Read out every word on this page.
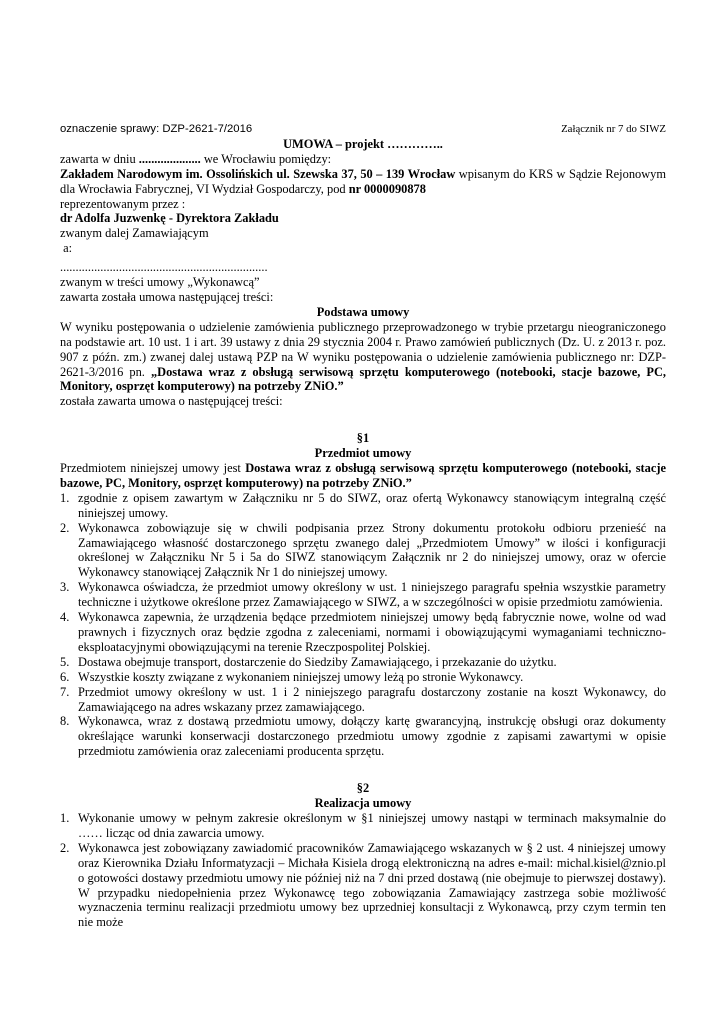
oznaczenie sprawy: DZP-2621-7/2016	Załącznik nr 7 do SIWZ
UMOWA – projekt …………..
zawarta w dniu .................... we Wrocławiu pomiędzy:
Zakładem Narodowym im. Ossolińskich ul. Szewska 37, 50 – 139 Wrocław wpisanym do KRS w Sądzie Rejonowym dla Wrocławia Fabrycznej, VI Wydział Gospodarczy, pod nr 0000090878
reprezentowanym przez :
dr Adolfa Juzwenkę - Dyrektora Zakładu
zwanym dalej Zamawiającym
a:
...................................................................
zwanym w treści umowy „Wykonawcą”
zawarta została umowa następującej treści:
Podstawa umowy
W wyniku postępowania o udzielenie zamówienia publicznego przeprowadzonego w trybie przetargu nieograniczonego na podstawie art. 10 ust. 1 i art. 39 ustawy z dnia 29 stycznia 2004 r. Prawo zamówień publicznych (Dz. U. z 2013 r. poz. 907 z późn. zm.) zwanej dalej ustawą PZP na W wyniku postępowania o udzielenie zamówienia publicznego nr: DZP-2621-3/2016 pn. „Dostawa wraz z obsługą serwisową sprzętu komputerowego (notebooki, stacje bazowe, PC, Monitory, osprzęt komputerowy) na potrzeby ZNiO.”
została zawarta umowa o następującej treści:
§1
Przedmiot umowy
Przedmiotem niniejszej umowy jest Dostawa wraz z obsługą serwisową sprzętu komputerowego (notebooki, stacje bazowe, PC, Monitory, osprzęt komputerowy) na potrzeby ZNiO.”
1. zgodnie z opisem zawartym w Załączniku nr 5 do SIWZ, oraz ofertą Wykonawcy stanowiącym integralną część niniejszej umowy.
2. Wykonawca zobowiązuje się w chwili podpisania przez Strony dokumentu protokołu odbioru przenieść na Zamawiającego własność dostarczonego sprzętu zwanego dalej „Przedmiotem Umowy” w ilości i konfiguracji określonej w Załączniku Nr 5 i 5a do SIWZ stanowiącym Załącznik nr 2 do niniejszej umowy, oraz w ofercie Wykonawcy stanowiącej Załącznik Nr 1 do niniejszej umowy.
3. Wykonawca oświadcza, że przedmiot umowy określony w ust. 1 niniejszego paragrafu spełnia wszystkie parametry techniczne i użytkowe określone przez Zamawiającego w SIWZ, a w szczególności w opisie przedmiotu zamówienia.
4. Wykonawca zapewnia, że urządzenia będące przedmiotem niniejszej umowy będą fabrycznie nowe, wolne od wad prawnych i fizycznych oraz będzie zgodna z zaleceniami, normami i obowiązującymi wymaganiami techniczno-eksploatacyjnymi obowiązującymi na terenie Rzeczpospolitej Polskiej.
5. Dostawa obejmuje transport, dostarczenie do Siedziby Zamawiającego, i przekazanie do użytku.
6. Wszystkie koszty związane z wykonaniem niniejszej umowy leżą po stronie Wykonawcy.
7. Przedmiot umowy określony w ust. 1 i 2 niniejszego paragrafu dostarczony zostanie na koszt Wykonawcy, do Zamawiającego na adres wskazany przez zamawiającego.
8. Wykonawca, wraz z dostawą przedmiotu umowy, dołączy kartę gwarancyjną, instrukcję obsługi oraz dokumenty określające warunki konserwacji dostarczonego przedmiotu umowy zgodnie z zapisami zawartymi w opisie przedmiotu zamówienia oraz zaleceniami producenta sprzętu.
§2
Realizacja umowy
1. Wykonanie umowy w pełnym zakresie określonym w §1 niniejszej umowy nastąpi w terminach maksymalnie do …… licząc od dnia zawarcia umowy.
2. Wykonawca jest zobowiązany zawiadomić pracowników Zamawiającego wskazanych w § 2 ust. 4 niniejszej umowy oraz Kierownika Działu Informatyzacji – Michała Kisiela drogą elektroniczną na adres e-mail: michal.kisiel@znio.pl o gotowości dostawy przedmiotu umowy nie później niż na 7 dni przed dostawą (nie obejmuje to pierwszej dostawy). W przypadku niedopełnienia przez Wykonawcę tego zobowiązania Zamawiający zastrzega sobie możliwość wyznaczenia terminu realizacji przedmiotu umowy bez uprzedniej konsultacji z Wykonawcą, przy czym termin ten nie może
